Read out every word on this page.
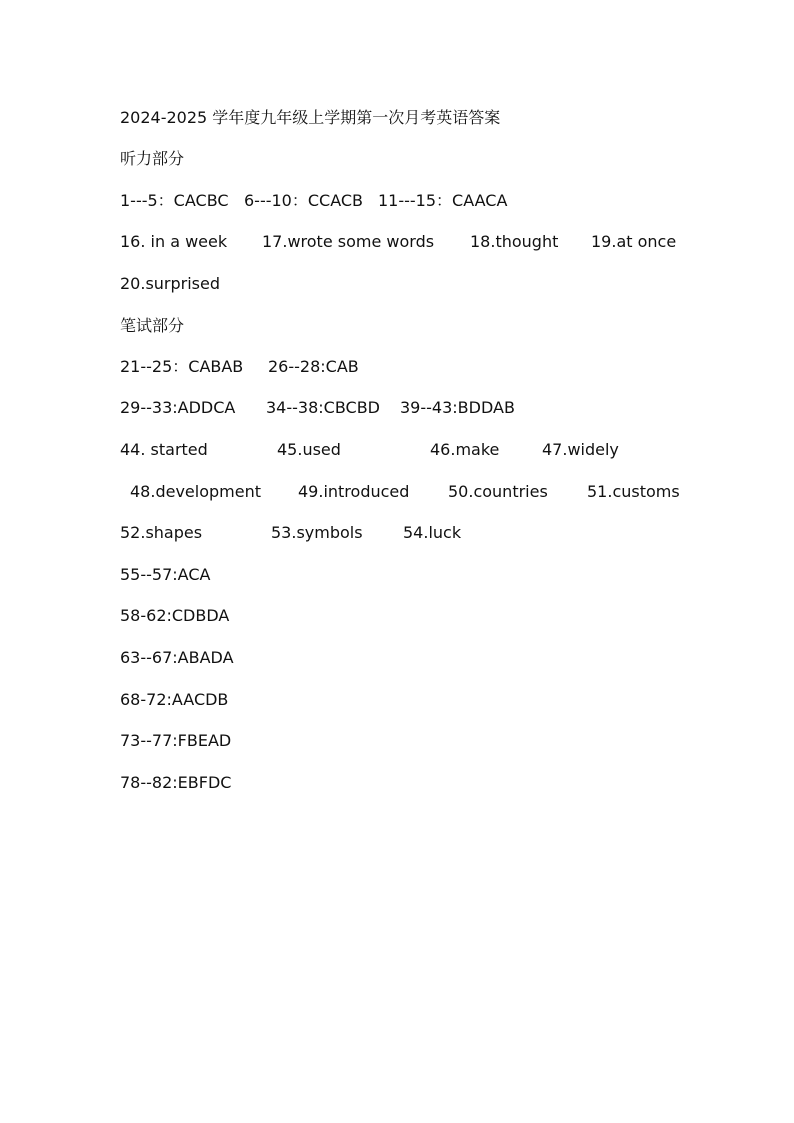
2024-2025 学年度九年级上学期第一次月考英语答案
听力部分
1---5：CACBC 6---10：CCACB 11---15：CAACA
16. in a week 17.wrote some words 18.thought 19.at once
20.surprised
笔试部分
21--25：CABAB 26--28:CAB
29--33:ADDCA 34--38:CBCBD 39--43:BDDAB
44. started	45.used	46.make	47.widely
48.development 49.introduced 50.countries 51.customs
52.shapes	53.symbols	54.luck
55--57:ACA
58-62:CDBDA
63--67:ABADA
68-72:AACDB
73--77:FBEAD
78--82:EBFDC
